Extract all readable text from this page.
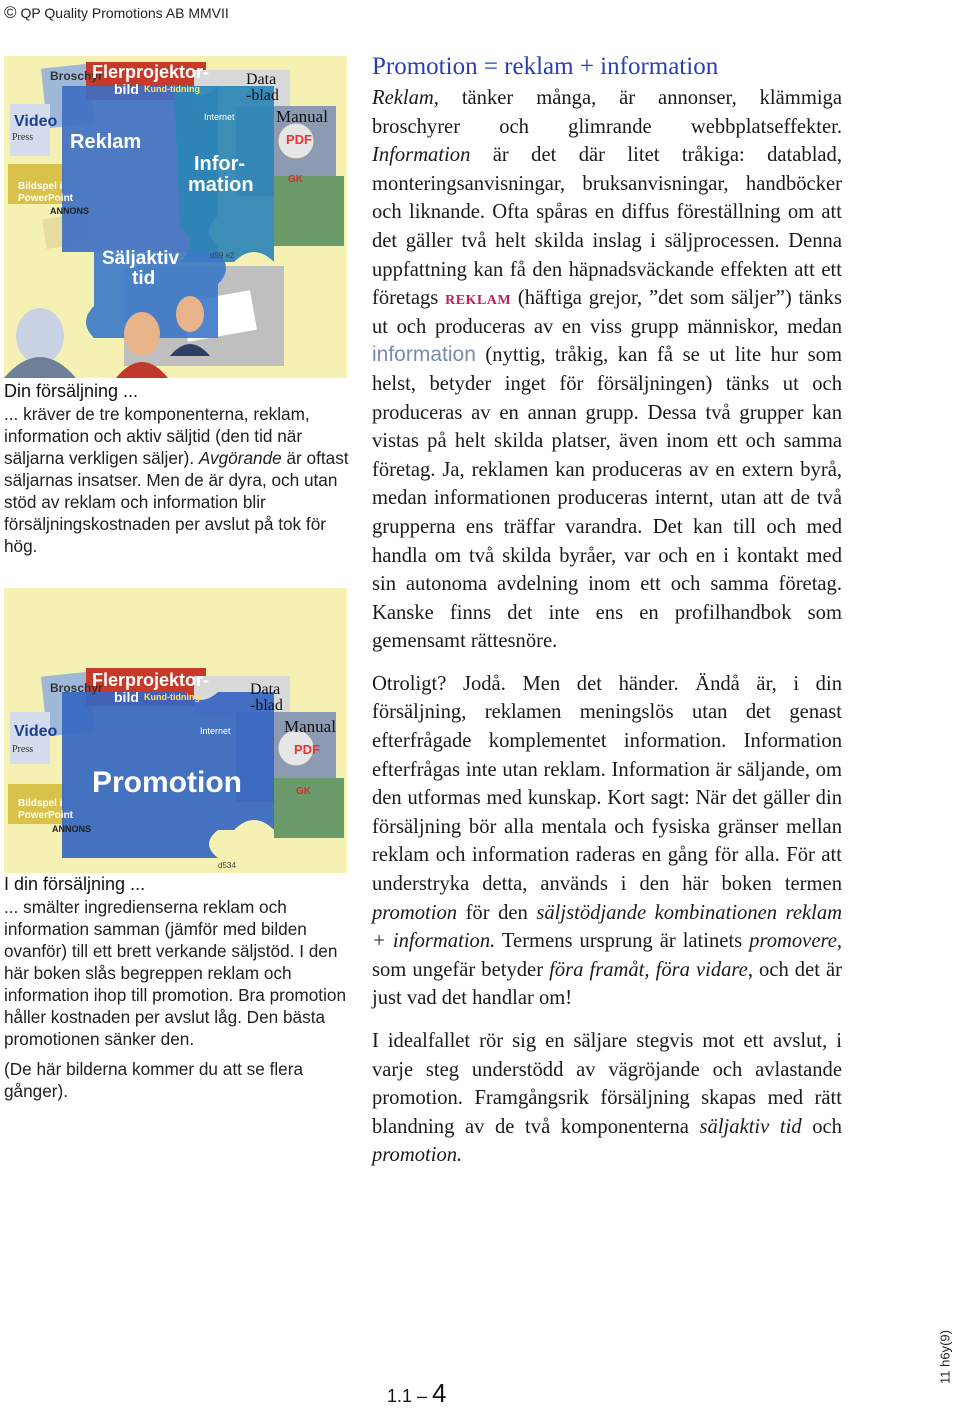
© QP Quality Promotions AB MMVII
Broschyr
Flerprojektor-
bild Kund-tidning
Data
-blad
Manual
Internet
PDF
Video
Press Reklam
Infor-
mation
Bildspel i
PowerPoint
ANNONS
GK
Säljaktiv
tid
d59 e2

Din försäljning ...

... kräver de tre komponenterna, reklam, information och aktiv säljtid (den tid när säljarna verkligen säljer). Avgörande är oftast säljarnas insatser. Men de är dyra, och utan stöd av reklam och information blir försäljningskostnaden per avslut på tok för hög.

Broschyr
Flerprojektor-
bild Kund-tidning	Data
-blad
Manual
Internet
PDF
Video
Press
Promotion
Bildspel i
PowerPoint
ANNONS
GK
d534

I din försäljning ...

... smälter ingredienserna reklam och information samman (jämför med bilden ovanför) till ett brett verkande säljstöd. I den här boken slås begreppen reklam och information ihop till promotion. Bra promotion håller kostnaden per avslut låg. Den bästa promotionen sänker den.

(De här bilderna kommer du att se flera gånger).

Promotion = reklam + information

Reklam, tänker många, är annonser, klämmiga broschyrer och glimrande webbplatseffekter. Information är det där litet tråkiga: datablad, monteringsanvisningar, bruksanvisningar, handböcker och liknande. Ofta spåras en diffus föreställning om att det gäller två helt skilda inslag i säljprocessen. Denna uppfattning kan få den häpnadsväckande effekten att ett företags reklam (häftiga grejor, ”det som säljer”) tänks ut och produceras av en viss grupp människor, medan information (nyttig, tråkig, kan få se ut lite hur som helst, betyder inget för försäljningen) tänks ut och produceras av en annan grupp. Dessa två grupper kan vistas på helt skilda platser, även inom ett och samma företag. Ja, reklamen kan produceras av en extern byrå, medan informationen produceras internt, utan att de två grupperna ens träffar varandra. Det kan till och med handla om två skilda byråer, var och en i kontakt med sin autonoma avdelning inom ett och samma företag. Kanske finns det inte ens en profilhandbok som gemensamt rättesnöre.

Otroligt? Jodå. Men det händer. Ändå är, i din försäljning, reklamen meningslös utan det genast efterfrågade komplementet information. Information efterfrågas inte utan reklam. Information är säljande, om den utformas med kunskap. Kort sagt: När det gäller din försäljning bör alla mentala och fysiska gränser mellan reklam och information raderas en gång för alla. För att understryka detta, används i den här boken termen promotion för den säljstödjande kombinationen reklam + information. Termens ursprung är latinets promovere, som ungefär betyder föra framåt, föra vidare, och det är just vad det handlar om!

I idealfallet rör sig en säljare stegvis mot ett avslut, i varje steg understödd av vägröjande och avlastande promotion. Framgångsrik försäljning skapas med rätt blandning av de två komponenterna säljaktiv tid och promotion.

1.1 – 4
11 h6y(9)
